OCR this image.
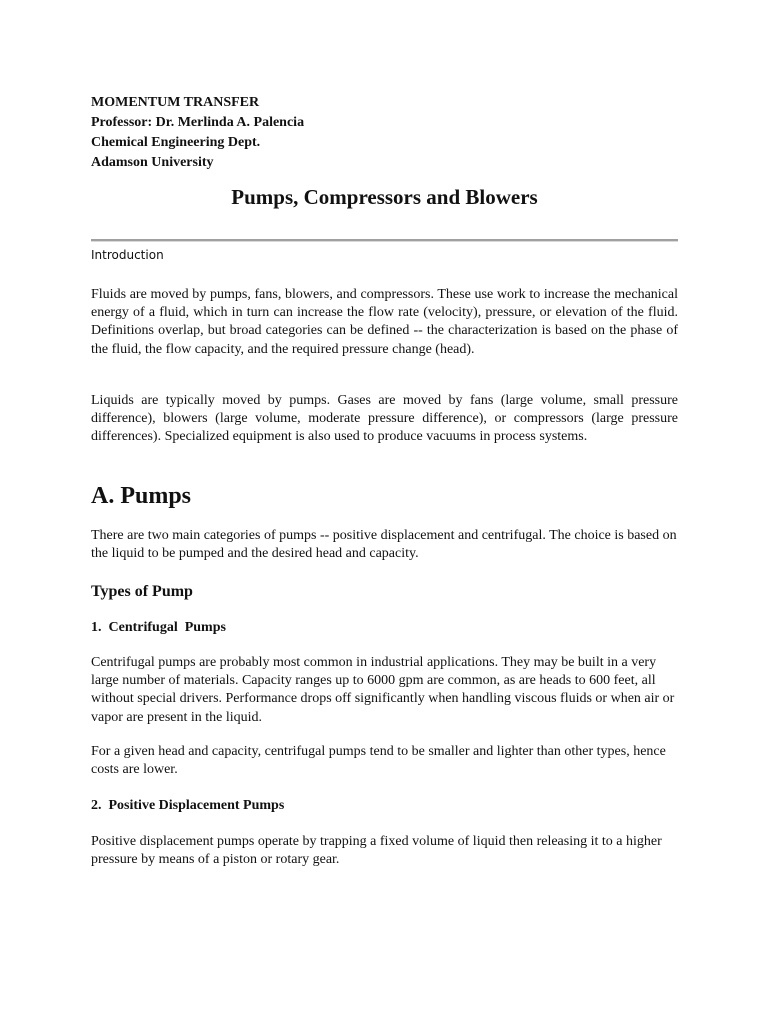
MOMENTUM TRANSFER
Professor: Dr. Merlinda A. Palencia
Chemical Engineering Dept.
Adamson University
Pumps, Compressors and Blowers
Introduction

Fluids are moved by pumps, fans, blowers, and compressors. These use work to increase the mechanical energy of a fluid, which in turn can increase the flow rate (velocity), pressure, or elevation of the fluid. Definitions overlap, but broad categories can be defined -- the characterization is based on the phase of the fluid, the flow capacity, and the required pressure change (head).

Liquids are typically moved by pumps. Gases are moved by fans (large volume, small pressure difference), blowers (large volume, moderate pressure difference), or compressors (large pressure differences). Specialized equipment is also used to produce vacuums in process systems.

A. Pumps

There are two main categories of pumps -- positive displacement and centrifugal. The choice is based on the liquid to be pumped and the desired head and capacity.

Types of Pump
1.  Centrifugal  Pumps

Centrifugal pumps are probably most common in industrial applications. They may be built in a very large number of materials. Capacity ranges up to 6000 gpm are common, as are heads to 600 feet, all without special drivers. Performance drops off significantly when handling viscous fluids or when air or vapor are present in the liquid.

For a given head and capacity, centrifugal pumps tend to be smaller and lighter than other types, hence costs are lower.

2.  Positive Displacement Pumps

Positive displacement pumps operate by trapping a fixed volume of liquid then releasing it to a higher pressure by means of a piston or rotary gear.
